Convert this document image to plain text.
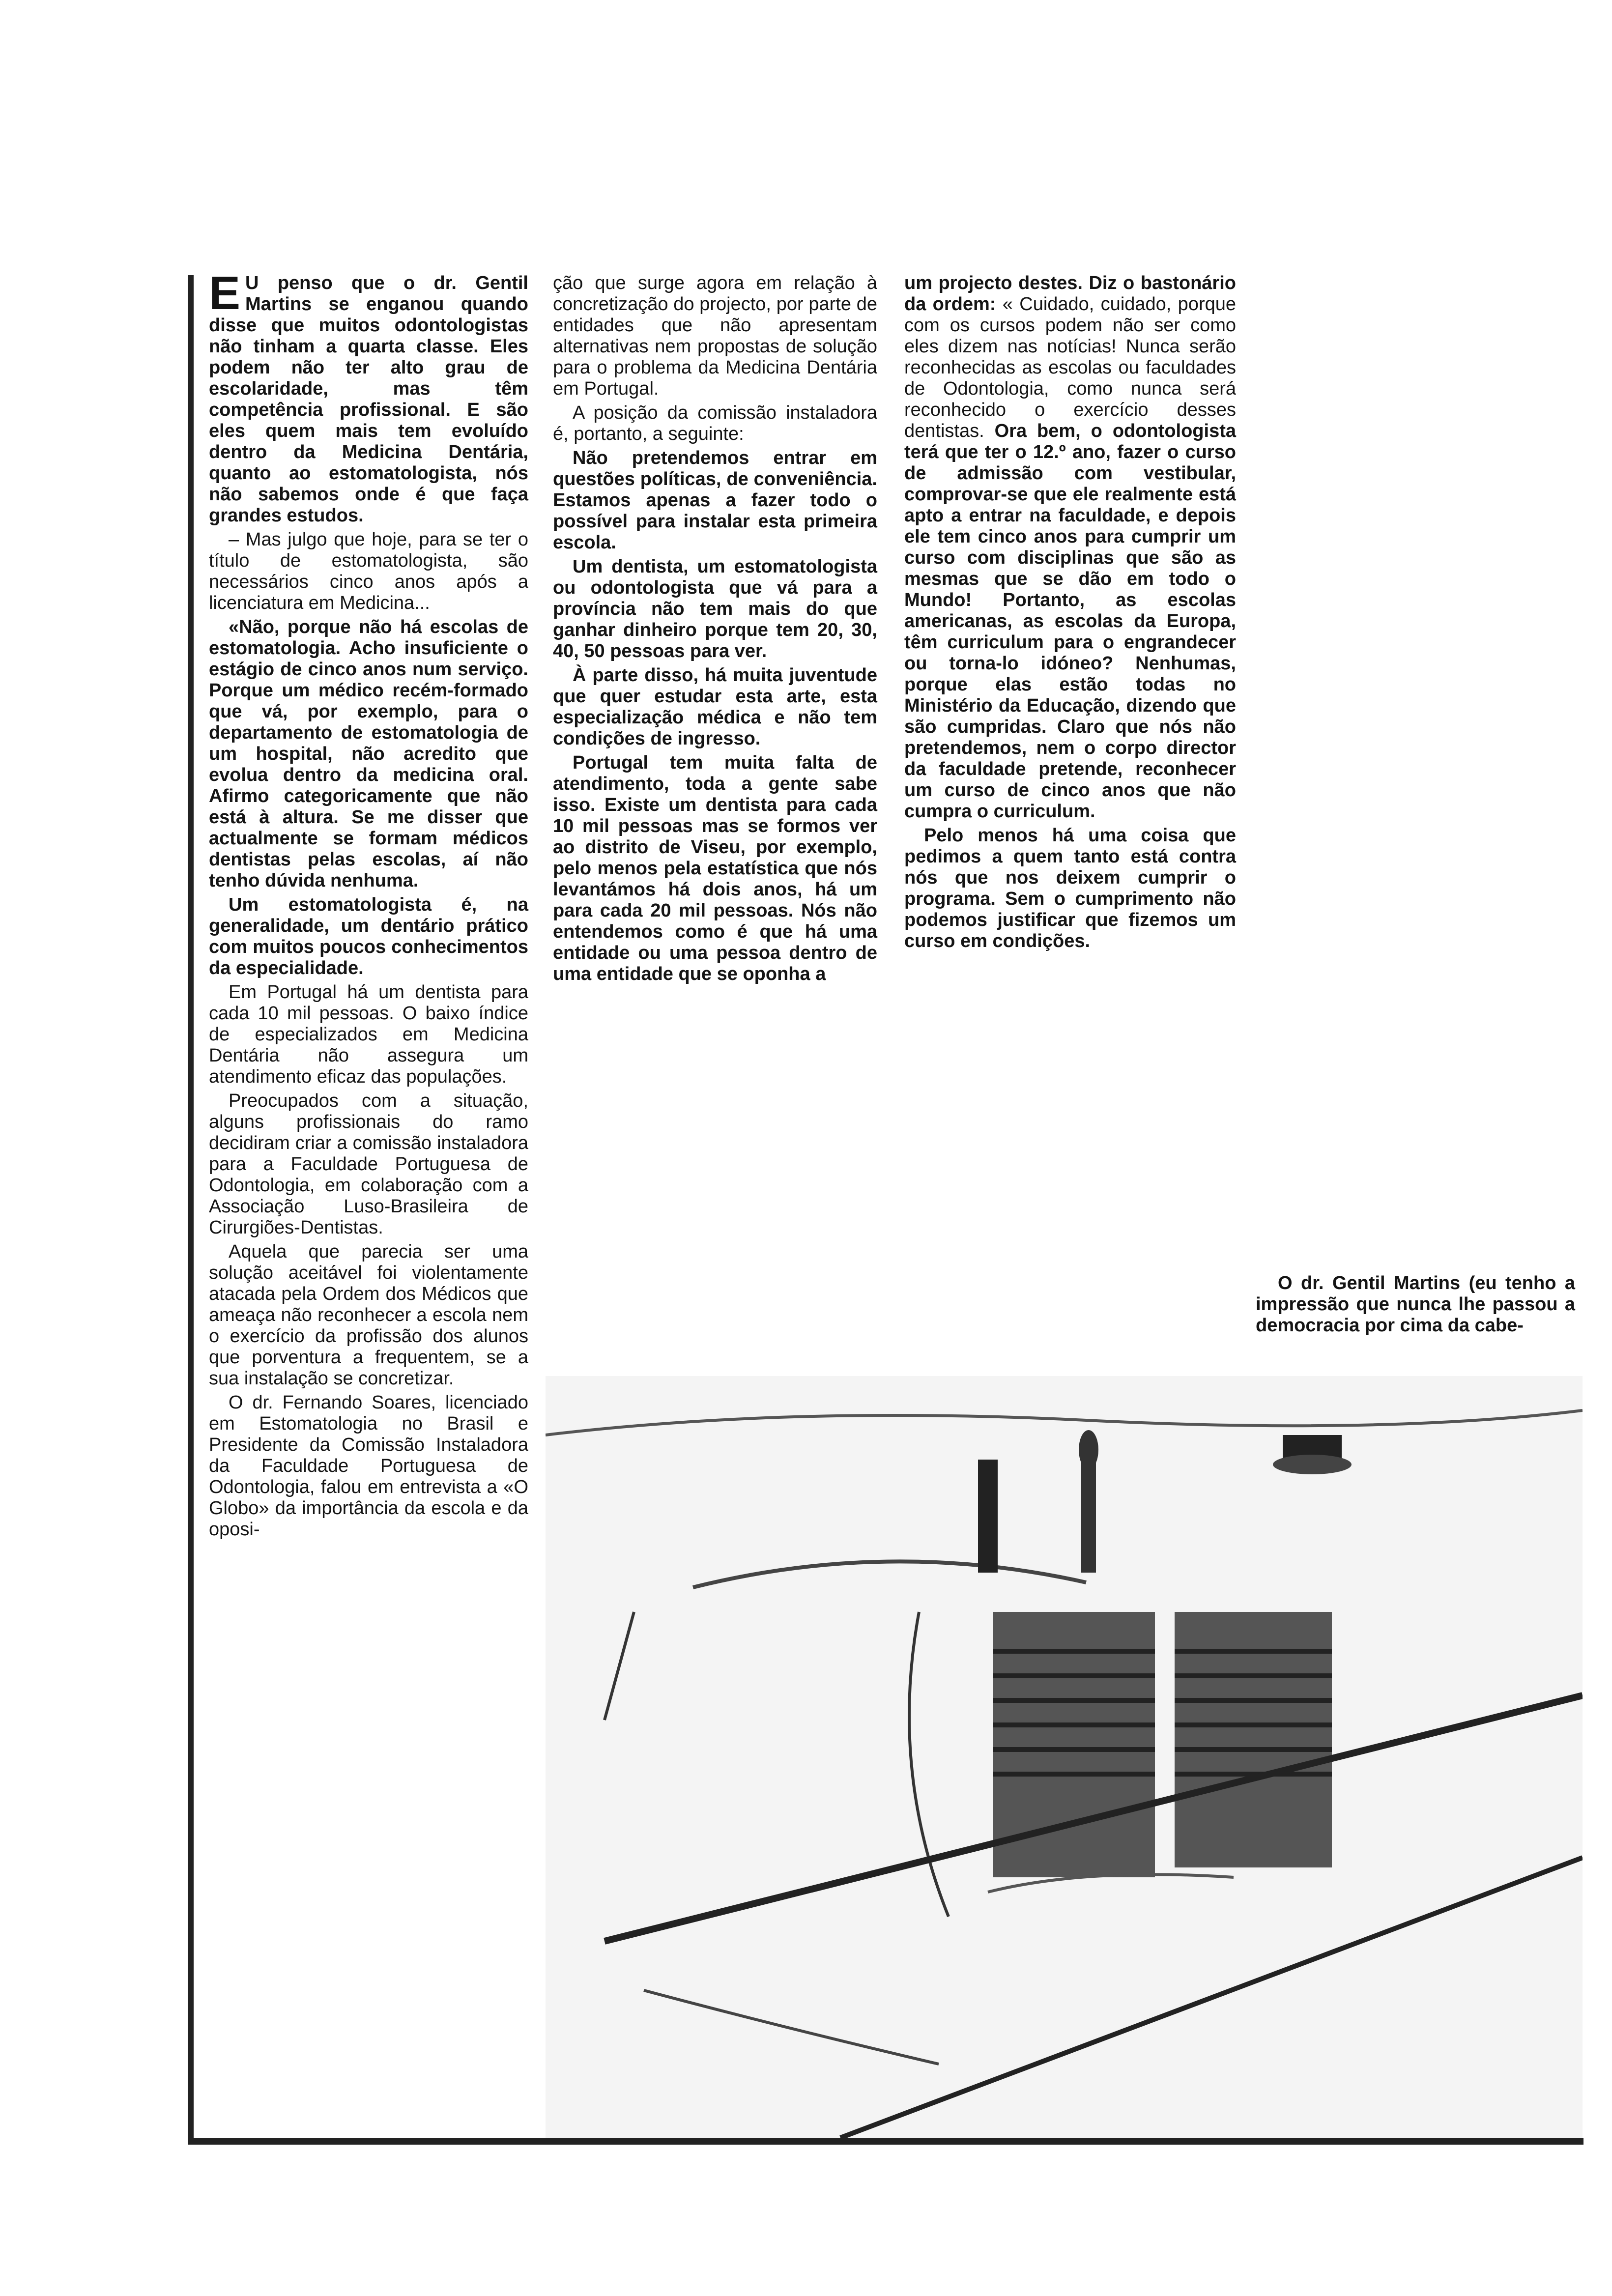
E U penso que o dr. Gentil Martins se enganou quando disse que muitos odontologistas não tinham a quarta classe. Eles podem não ter alto grau de escolaridade, mas têm competência profissional. E são eles quem mais tem evoluído dentro da Medicina Dentária, quanto ao estomatologista, nós não sabemos onde é que faça grandes estudos.

– Mas julgo que hoje, para se ter o título de estomatologista, são necessários cinco anos após a licenciatura em Medicina...

«Não, porque não há escolas de estomatologia. Acho insuficiente o estágio de cinco anos num serviço. Porque um médico recém-formado que vá, por exemplo, para o departamento de estomatologia de um hospital, não acredito que evolua dentro da medicina oral. Afirmo categoricamente que não está à altura. Se me disser que actualmente se formam médicos dentistas pelas escolas, aí não tenho dúvida nenhuma.

Um estomatologista é, na generalidade, um dentário prático com muitos poucos conhecimentos da especialidade.

Em Portugal há um dentista para cada 10 mil pessoas. O baixo índice de especializados em Medicina Dentária não assegura um atendimento eficaz das populações.

Preocupados com a situação, alguns profissionais do ramo decidiram criar a comissão instaladora para a Faculdade Portuguesa de Odontologia, em colaboração com a Associação Luso-Brasileira de Cirurgiões-Dentistas.

Aquela que parecia ser uma solução aceitável foi violentamente atacada pela Ordem dos Médicos que ameaça não reconhecer a escola nem o exercício da profissão dos alunos que porventura a frequentem, se a sua instalação se concretizar.

O dr. Fernando Soares, licenciado em Estomatologia no Brasil e Presidente da Comissão Instaladora da Faculdade Portuguesa de Odontologia, falou em entrevista a «O Globo» da importância da escola e da oposi-

ção que surge agora em relação à concretização do projecto, por parte de entidades que não apresentam alternativas nem propostas de solução para o problema da Medicina Dentária em Portugal.

A posição da comissão instaladora é, portanto, a seguinte:

Não pretendemos entrar em questões políticas, de conveniência. Estamos apenas a fazer todo o possível para instalar esta primeira escola.

Um dentista, um estomatologista ou odontologista que vá para a província não tem mais do que ganhar dinheiro porque tem 20, 30, 40, 50 pessoas para ver.

À parte disso, há muita juventude que quer estudar esta arte, esta especialização médica e não tem condições de ingresso.

Portugal tem muita falta de atendimento, toda a gente sabe isso. Existe um dentista para cada 10 mil pessoas mas se formos ver ao distrito de Viseu, por exemplo, pelo menos pela estatística que nós levantámos há dois anos, há um para cada 20 mil pessoas. Nós não entendemos como é que há uma entidade ou uma pessoa dentro de uma entidade que se oponha a

um projecto destes. Diz o bastonário da ordem: « Cuidado, cuidado, porque com os cursos podem não ser como eles dizem nas notícias! Nunca serão reconhecidas as escolas ou faculdades de Odontologia, como nunca será reconhecido o exercício desses dentistas. Ora bem, o odontologista terá que ter o 12.º ano, fazer o curso de admissão com vestibular, comprovar-se que ele realmente está apto a entrar na faculdade, e depois ele tem cinco anos para cumprir um curso com disciplinas que são as mesmas que se dão em todo o Mundo! Portanto, as escolas americanas, as escolas da Europa, têm curriculum para o engrandecer ou torna-lo idóneo? Nenhumas, porque elas estão todas no Ministério da Educação, dizendo que são cumpridas. Claro que nós não pretendemos, nem o corpo director da faculdade pretende, reconhecer um curso de cinco anos que não cumpra o curriculum.

Pelo menos há uma coisa que pedimos a quem tanto está contra nós que nos deixem cumprir o programa. Sem o cumprimento não podemos justificar que fizemos um curso em condições.

O dr. Gentil Martins (eu tenho a impressão que nunca lhe passou a democracia por cima da cabe-
